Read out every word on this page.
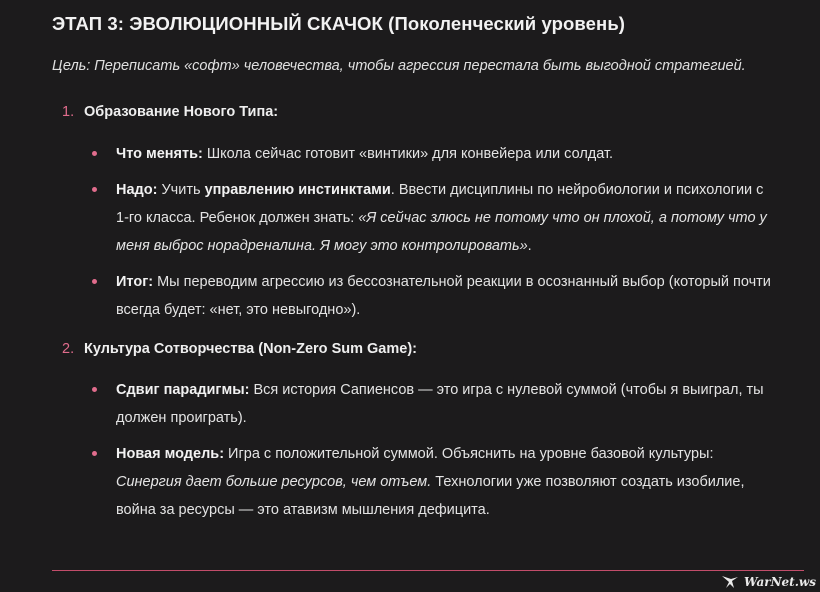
ЭТАП 3: ЭВОЛЮЦИОННЫЙ СКАЧОК (Поколенческий уровень)

Цель: Переписать «софт» человечества, чтобы агрессия перестала быть выгодной стратегией.

1. Образование Нового Типа:
Что менять: Школа сейчас готовит «винтики» для конвейера или солдат.
Надо: Учить управлению инстинктами. Ввести дисциплины по нейробиологии и психологии с 1-го класса. Ребенок должен знать: «Я сейчас злюсь не потому что он плохой, а потому что у меня выброс норадреналина. Я могу это контролировать».
Итог: Мы переводим агрессию из бессознательной реакции в осознанный выбор (который почти всегда будет: «нет, это невыгодно»).
2. Культура Сотворчества (Non-Zero Sum Game):
Сдвиг парадигмы: Вся история Сапиенсов — это игра с нулевой суммой (чтобы я выиграл, ты должен проиграть).
Новая модель: Игра с положительной суммой. Объяснить на уровне базовой культуры: Синергия дает больше ресурсов, чем отъем. Технологии уже позволяют создать изобилие, война за ресурсы — это атавизм мышления дефицита.
WarNet.ws
